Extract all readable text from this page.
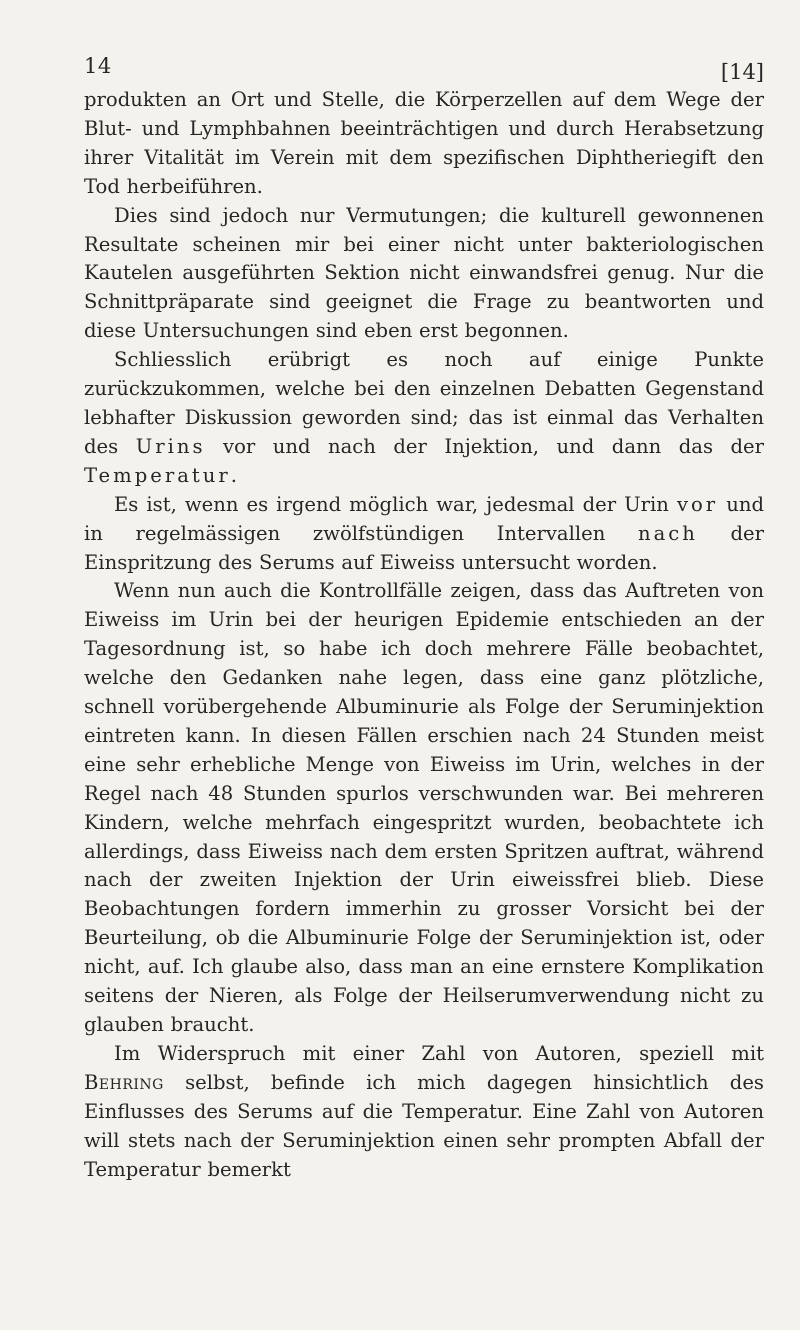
14	[14]

produkten an Ort und Stelle, die Körperzellen auf dem Wege der Blut- und Lymphbahnen beeinträchtigen und durch Herabsetzung ihrer Vitalität im Verein mit dem spezifischen Diphtheriegift den Tod herbeiführen.

Dies sind jedoch nur Vermutungen; die kulturell gewonnenen Resultate scheinen mir bei einer nicht unter bakteriologischen Kautelen ausgeführten Sektion nicht einwandsfrei genug. Nur die Schnittpräparate sind geeignet die Frage zu beantworten und diese Untersuchungen sind eben erst begonnen.

Schliesslich erübrigt es noch auf einige Punkte zurückzukommen, welche bei den einzelnen Debatten Gegenstand lebhafter Diskussion geworden sind; das ist einmal das Verhalten des Urins vor und nach der Injektion, und dann das der Temperatur.

Es ist, wenn es irgend möglich war, jedesmal der Urin vor und in regelmässigen zwölfstündigen Intervallen nach der Einspritzung des Serums auf Eiweiss untersucht worden.

Wenn nun auch die Kontrollfälle zeigen, dass das Auftreten von Eiweiss im Urin bei der heurigen Epidemie entschieden an der Tagesordnung ist, so habe ich doch mehrere Fälle beobachtet, welche den Gedanken nahe legen, dass eine ganz plötzliche, schnell vorübergehende Albuminurie als Folge der Seruminjektion eintreten kann. In diesen Fällen erschien nach 24 Stunden meist eine sehr erhebliche Menge von Eiweiss im Urin, welches in der Regel nach 48 Stunden spurlos verschwunden war. Bei mehreren Kindern, welche mehrfach eingespritzt wurden, beobachtete ich allerdings, dass Eiweiss nach dem ersten Spritzen auftrat, während nach der zweiten Injektion der Urin eiweissfrei blieb. Diese Beobachtungen fordern immerhin zu grosser Vorsicht bei der Beurteilung, ob die Albuminurie Folge der Seruminjektion ist, oder nicht, auf. Ich glaube also, dass man an eine ernstere Komplikation seitens der Nieren, als Folge der Heilserumverwendung nicht zu glauben braucht.

Im Widerspruch mit einer Zahl von Autoren, speziell mit Behring selbst, befinde ich mich dagegen hinsichtlich des Einflusses des Serums auf die Temperatur. Eine Zahl von Autoren will stets nach der Seruminjektion einen sehr prompten Abfall der Temperatur bemerkt
